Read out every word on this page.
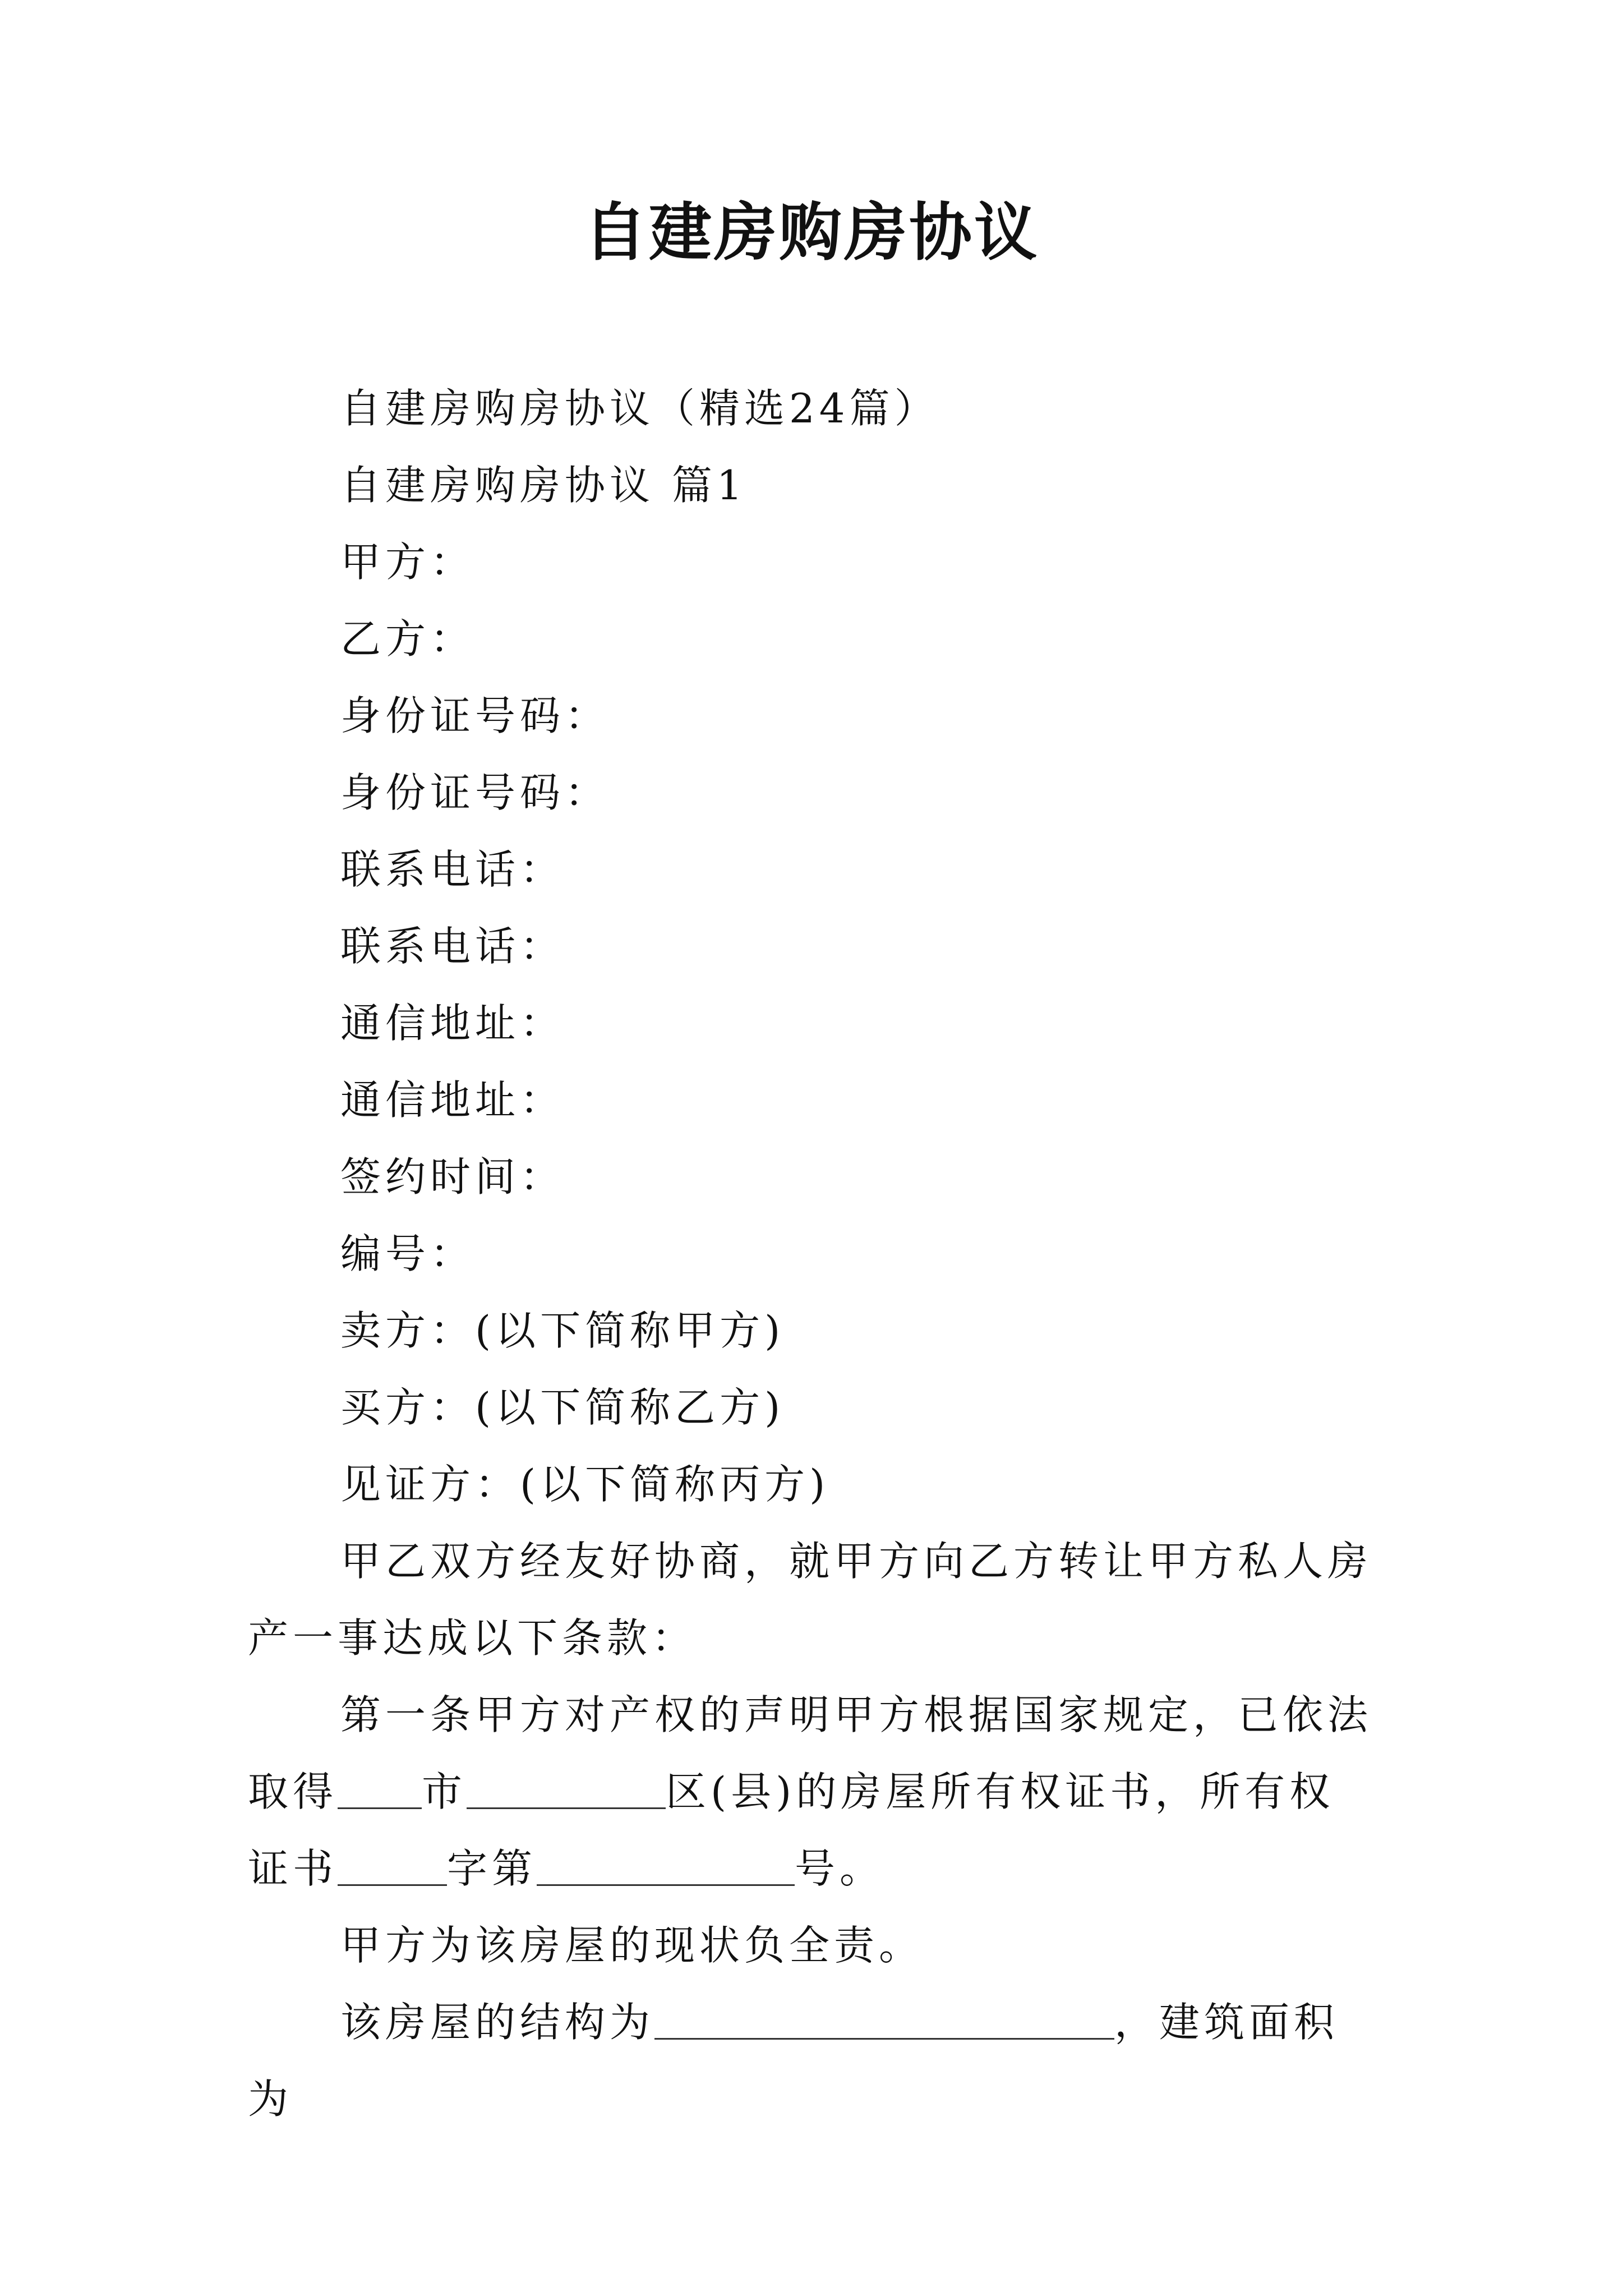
自建房购房协议

自建房购房协议（精选24篇）

自建房购房协议 篇1

甲方：

乙方：

身份证号码：

身份证号码：

联系电话：

联系电话：

通信地址：

通信地址：

签约时间：

编号：

卖方：(以下简称甲方)

买方：(以下简称乙方)

见证方：(以下简称丙方)

甲乙双方经友好协商，就甲方向乙方转让甲方私人房产一事达成以下条款：

第一条甲方对产权的声明甲方根据国家规定，已依法取得 市	区(县)的房屋所有权证书，所有权证书	字第	号。

甲方为该房屋的现状负全责。

该房屋的结构为	，建筑面积为
